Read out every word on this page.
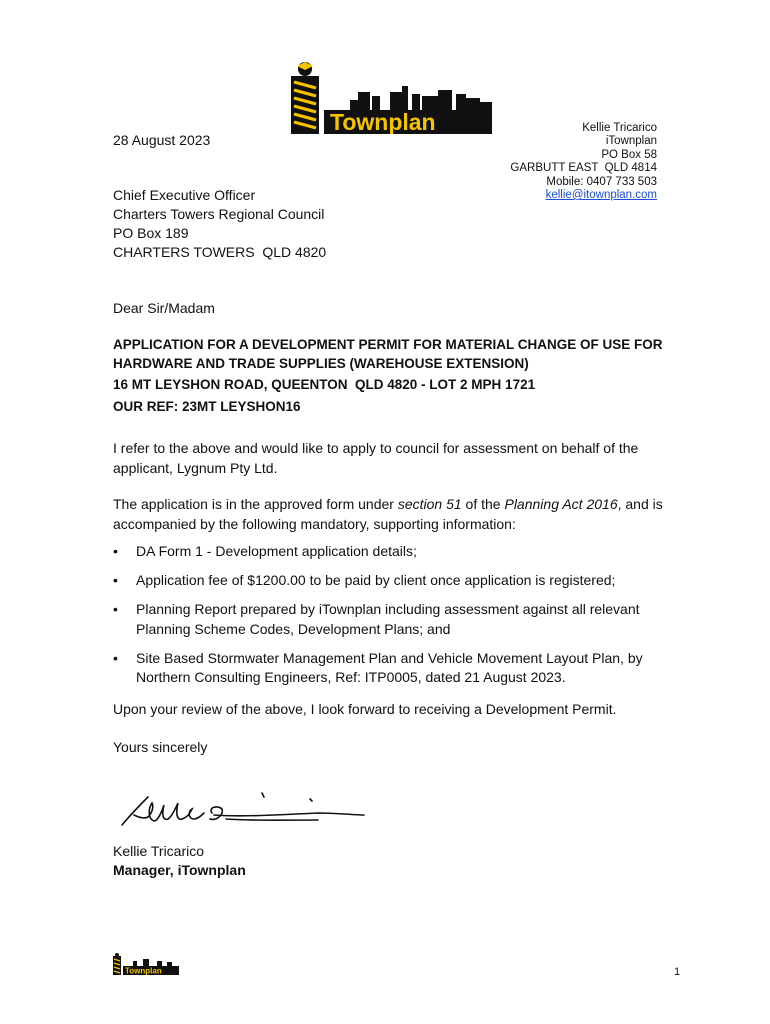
Townplan	Kellie Tricarico
iTownplan
PO Box 58
GARBUTT EAST  QLD 4814
Mobile: 0407 733 503
kellie@itownplan.com
28 August 2023
Chief Executive Officer
Charters Towers Regional Council
PO Box 189
CHARTERS TOWERS  QLD 4820
Dear Sir/Madam
APPLICATION FOR A DEVELOPMENT PERMIT FOR MATERIAL CHANGE OF USE FOR HARDWARE AND TRADE SUPPLIES (WAREHOUSE EXTENSION)
16 MT LEYSHON ROAD, QUEENTON  QLD 4820 - LOT 2 MPH 1721
OUR REF: 23MT LEYSHON16
I refer to the above and would like to apply to council for assessment on behalf of the applicant, Lygnum Pty Ltd.
The application is in the approved form under section 51 of the Planning Act 2016, and is accompanied by the following mandatory, supporting information:
• DA Form 1 - Development application details;
• Application fee of $1200.00 to be paid by client once application is registered;
• Planning Report prepared by iTownplan including assessment against all relevant Planning Scheme Codes, Development Plans; and
• Site Based Stormwater Management Plan and Vehicle Movement Layout Plan, by Northern Consulting Engineers, Ref: ITP0005, dated 21 August 2023.
Upon your review of the above, I look forward to receiving a Development Permit.
Yours sincerely
Kellie Tricarico
Manager, iTownplan
Townplan	1
